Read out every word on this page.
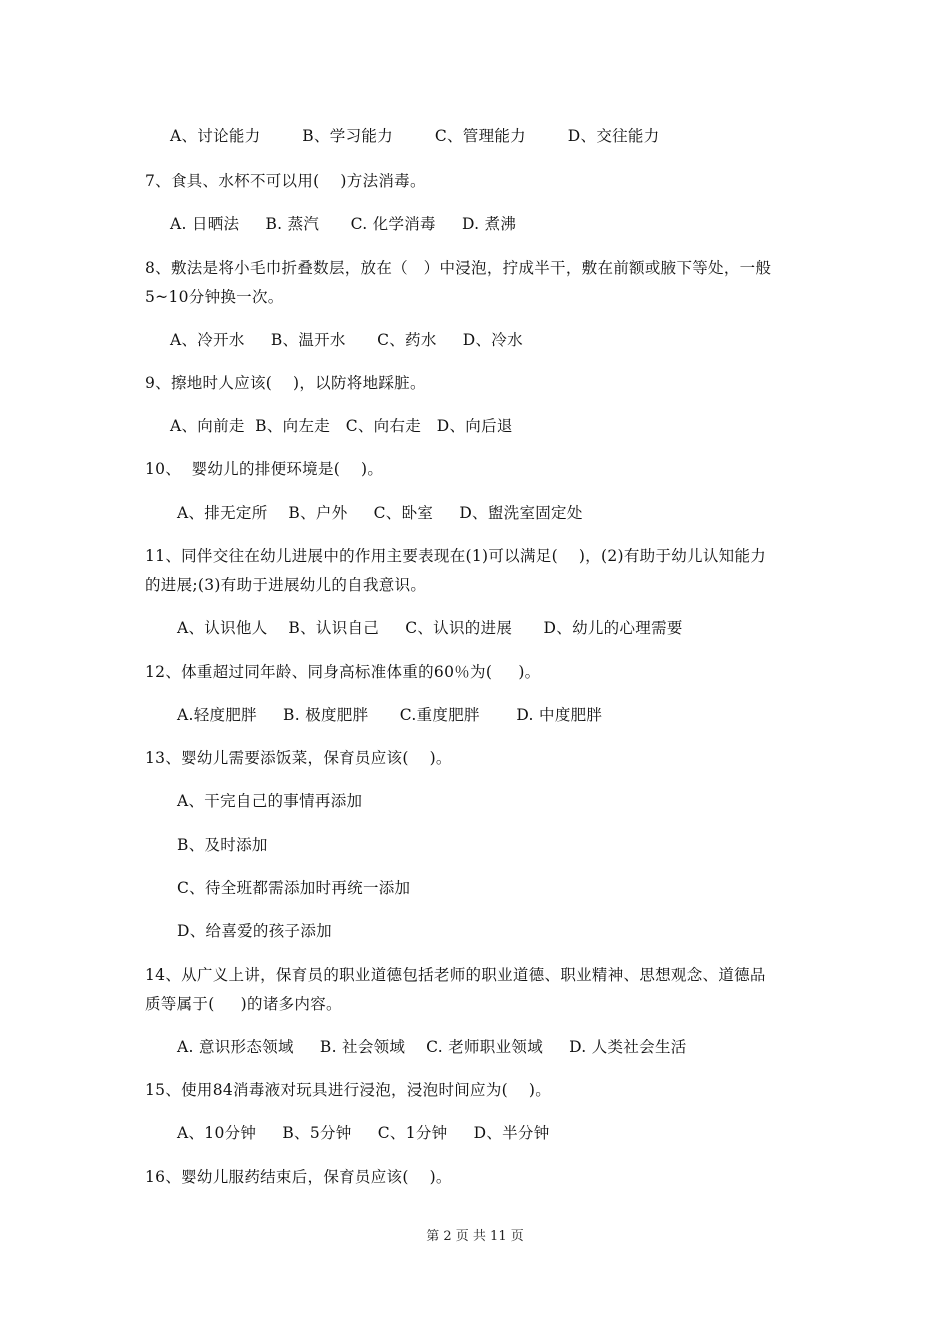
A、讨论能力        B、学习能力        C、管理能力        D、交往能力
7、食具、水杯不可以用(    )方法消毒。
A. 日晒法     B. 蒸汽      C. 化学消毒     D. 煮沸
8、敷法是将小毛巾折叠数层，放在（   ）中浸泡，拧成半干，敷在前额或腋下等处，一般
5~10分钟换一次。
A、冷开水     B、温开水      C、药水     D、冷水
9、擦地时人应该(    )，以防将地踩脏。
A、向前走  B、向左走   C、向右走   D、向后退
10、  婴幼儿的排便环境是(    )。
A、排无定所    B、户外     C、卧室     D、盥洗室固定处
11、同伴交往在幼儿进展中的作用主要表现在(1)可以满足(    )，(2)有助于幼儿认知能力
的进展;(3)有助于进展幼儿的自我意识。
A、认识他人    B、认识自己     C、认识的进展      D、幼儿的心理需要
12、体重超过同年龄、同身高标准体重的60％为(     )。
A.轻度肥胖     B. 极度肥胖      C.重度肥胖       D. 中度肥胖
13、婴幼儿需要添饭菜，保育员应该(    )。
A、干完自己的事情再添加
B、及时添加
C、待全班都需添加时再统一添加
D、给喜爱的孩子添加
14、从广义上讲，保育员的职业道德包括老师的职业道德、职业精神、思想观念、道德品
质等属于(     )的诸多内容。
A. 意识形态领域     B. 社会领域    C. 老师职业领域     D. 人类社会生活
15、使用84消毒液对玩具进行浸泡，浸泡时间应为(    )。
A、10分钟     B、5分钟     C、1分钟     D、半分钟
16、婴幼儿服药结束后，保育员应该(    )。
第 2 页 共 11 页
